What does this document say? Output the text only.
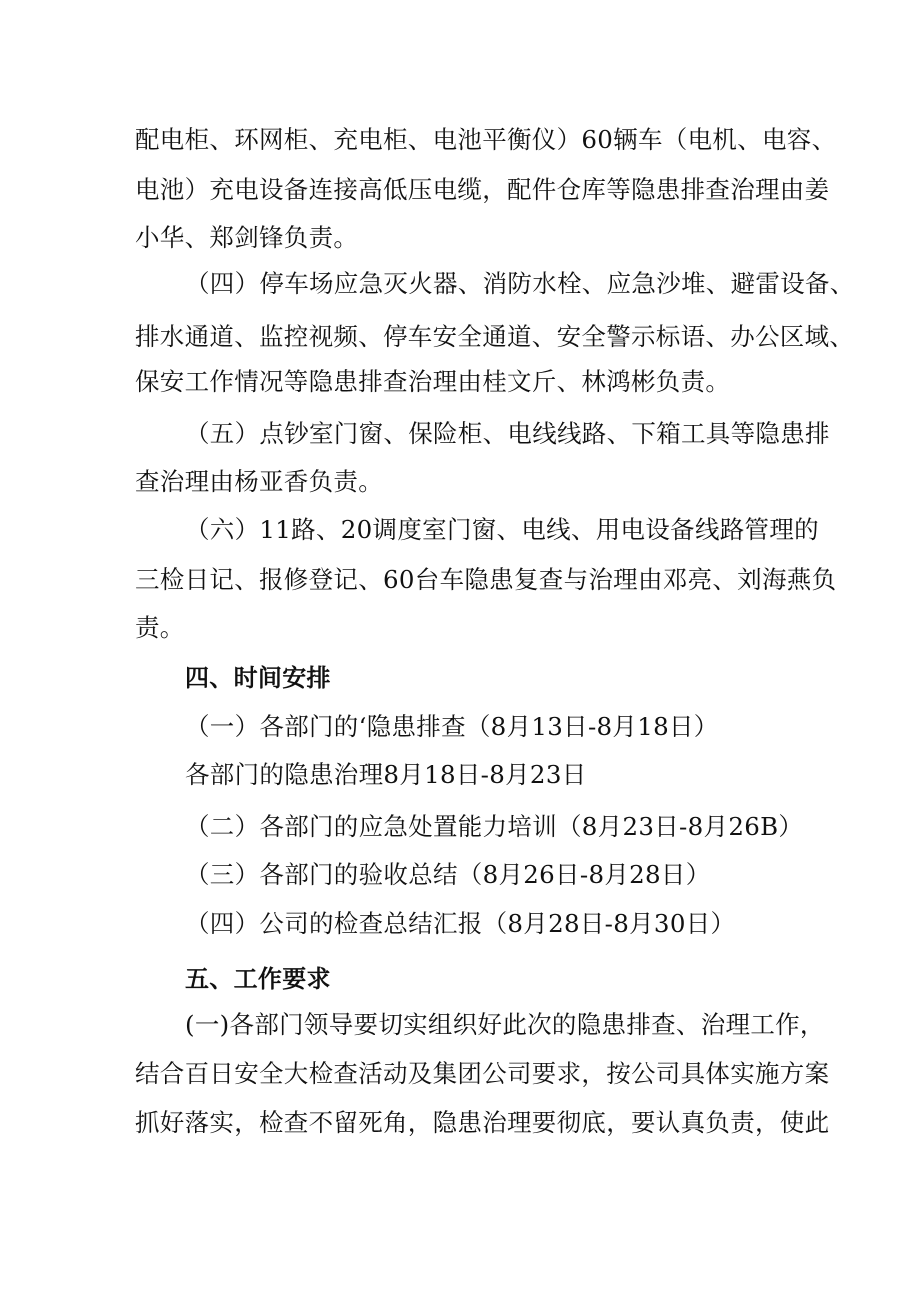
配电柜、环网柜、充电柜、电池平衡仪）60辆车（电机、电容、
电池）充电设备连接高低压电缆，配件仓库等隐患排查治理由姜
小华、郑剑锋负责。
（四）停车场应急灭火器、消防水栓、应急沙堆、避雷设备、
排水通道、监控视频、停车安全通道、安全警示标语、办公区域、
保安工作情况等隐患排查治理由桂文斤、林鸿彬负责。
（五）点钞室门窗、保险柜、电线线路、下箱工具等隐患排
查治理由杨亚香负责。
（六）11路、20调度室门窗、电线、用电设备线路管理的
三检日记、报修登记、60台车隐患复查与治理由邓亮、刘海燕负
责。
四、时间安排
（一）各部门的‘隐患排查（8月13日-8月18日）
各部门的隐患治理8月18日-8月23日
（二）各部门的应急处置能力培训（8月23日-8月26B）
（三）各部门的验收总结（8月26日-8月28日）
（四）公司的检查总结汇报（8月28日-8月30日）
五、工作要求
(一)各部门领导要切实组织好此次的隐患排查、治理工作，
结合百日安全大检查活动及集团公司要求，按公司具体实施方案
抓好落实，检查不留死角，隐患治理要彻底，要认真负责，使此
